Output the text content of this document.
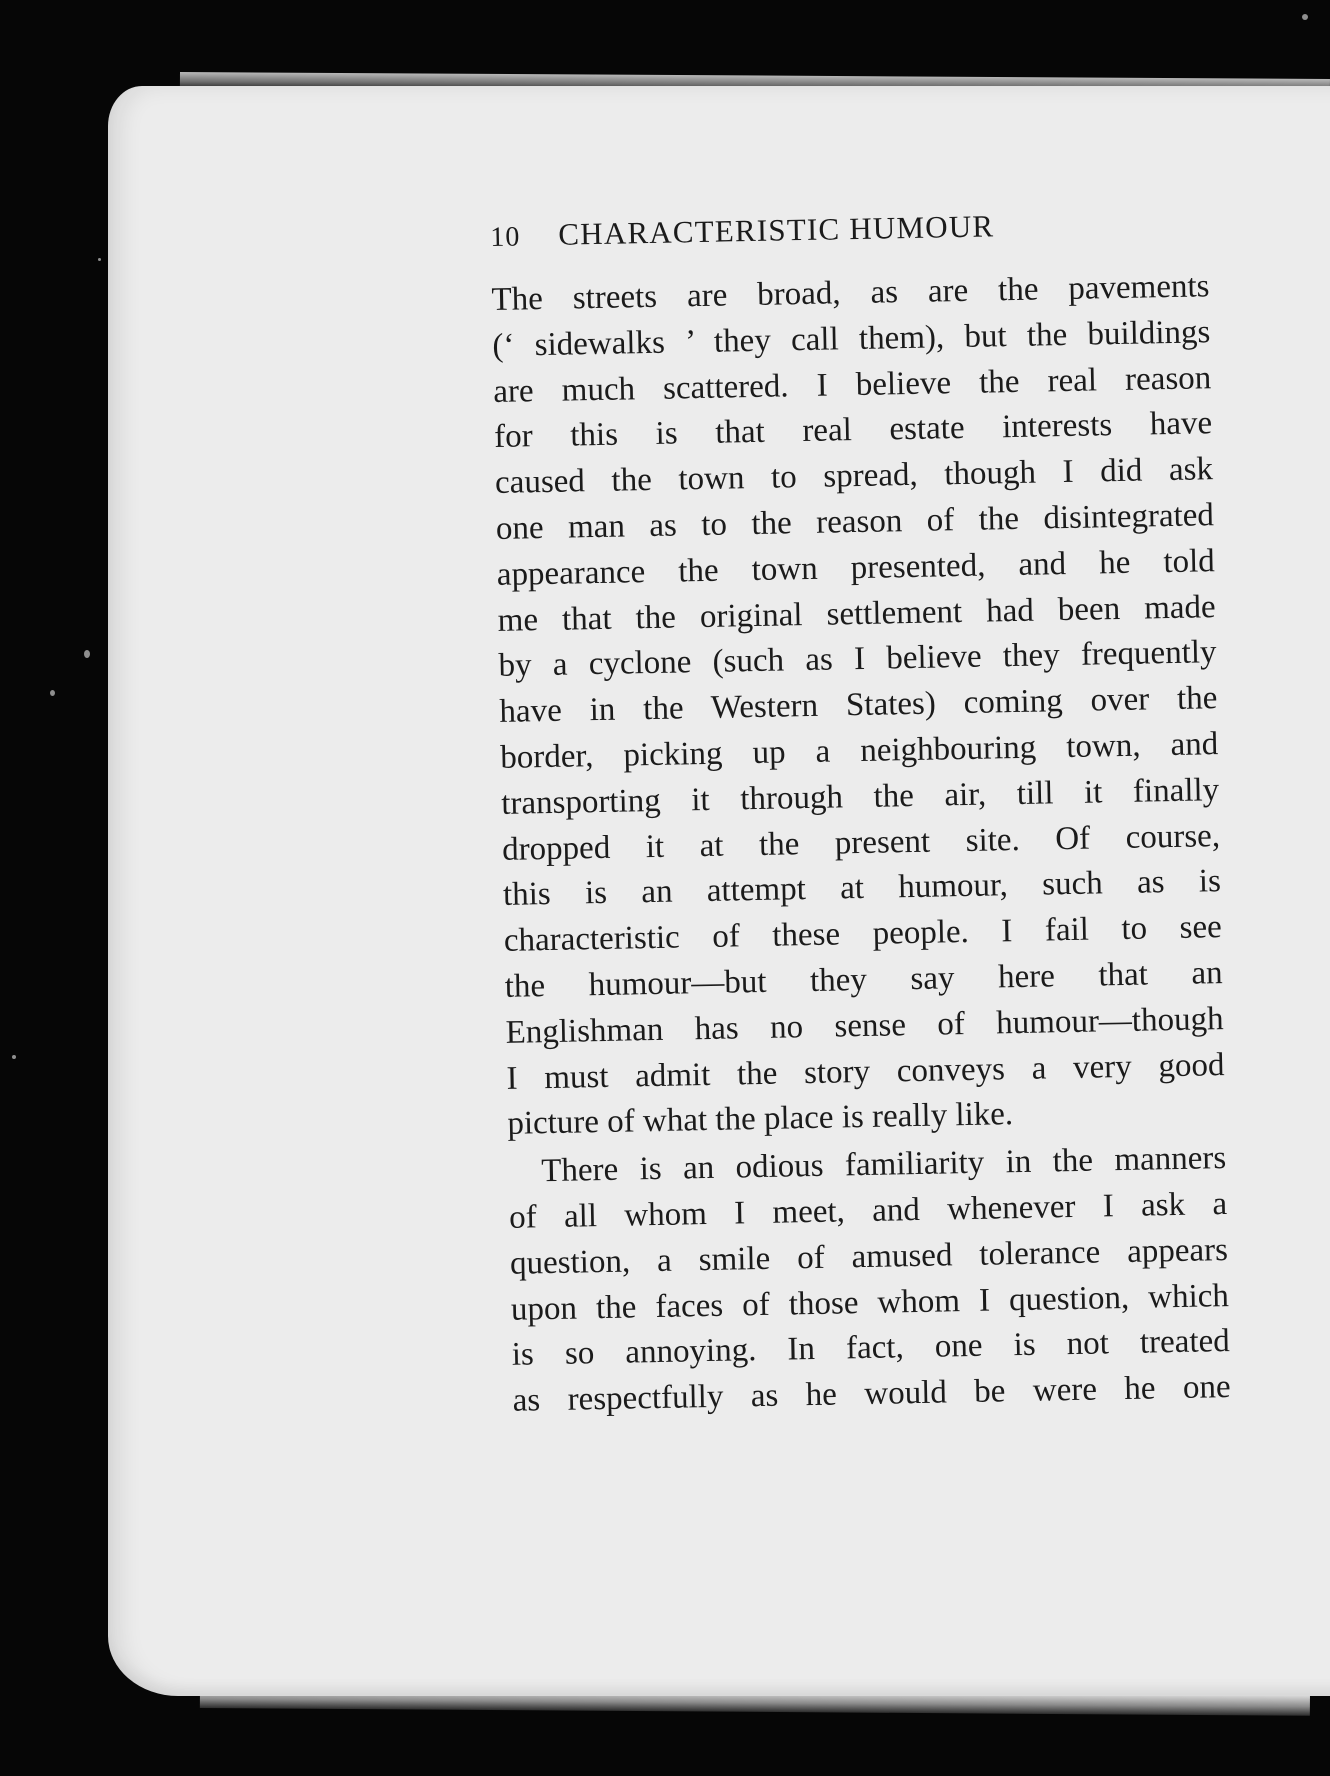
10	CHARACTERISTIC HUMOUR
The streets are broad, as are the pavements
(‘ sidewalks ’ they call them), but the buildings
are much scattered. I believe the real reason
for this is that real estate interests have
caused the town to spread, though I did ask
one man as to the reason of the disintegrated
appearance the town presented, and he told
me that the original settlement had been made
by a cyclone (such as I believe they frequently
have in the Western States) coming over the
border, picking up a neighbouring town, and
transporting it through the air, till it finally
dropped it at the present site. Of course,
this is an attempt at humour, such as is
characteristic of these people. I fail to see
the humour—but they say here that an
Englishman has no sense of humour—though
I must admit the story conveys a very good
picture of what the place is really like.
There is an odious familiarity in the manners
of all whom I meet, and whenever I ask a
question, a smile of amused tolerance appears
upon the faces of those whom I question, which
is so annoying. In fact, one is not treated
as respectfully as he would be were he one
